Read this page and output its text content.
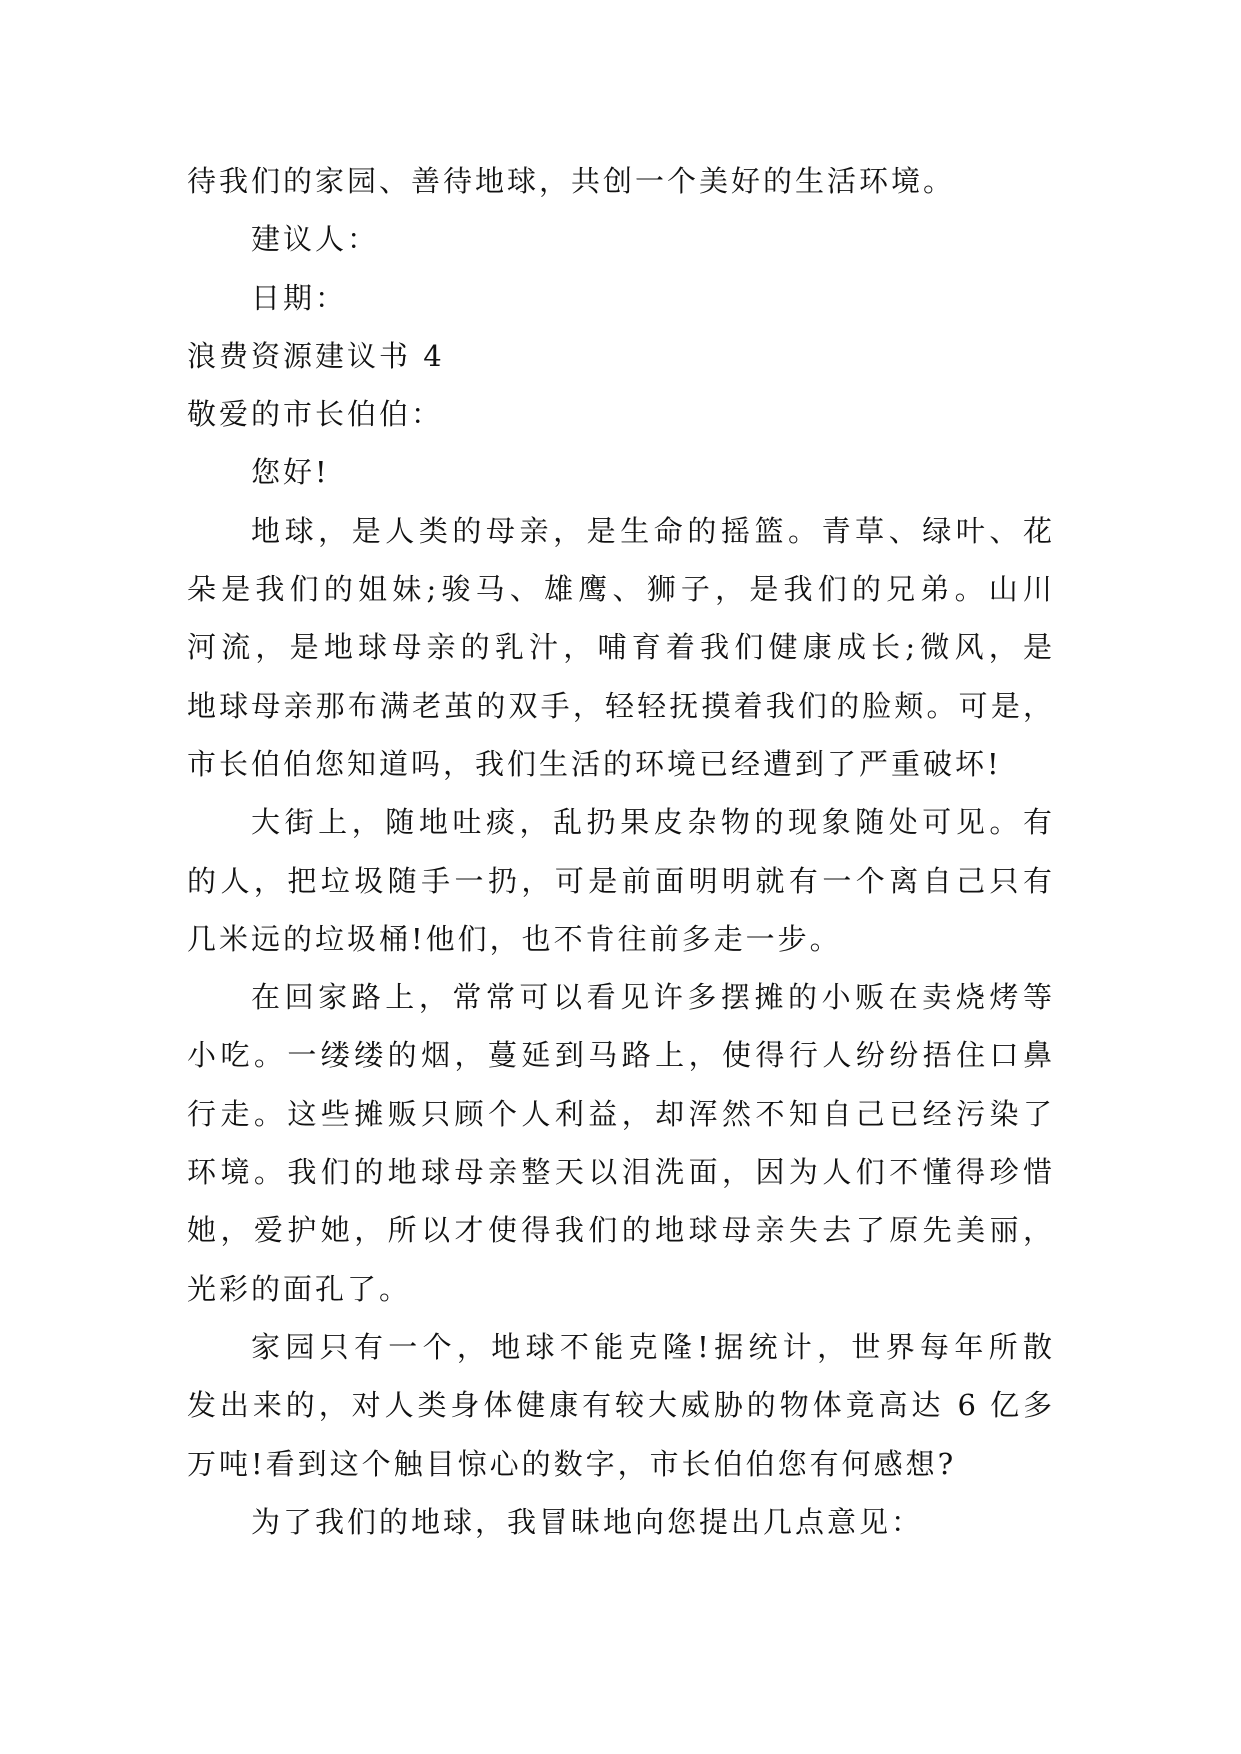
待我们的家园、善待地球，共创一个美好的生活环境。
建议人：
日期：
浪费资源建议书 4
敬爱的市长伯伯：
您好!
地球，是人类的母亲，是生命的摇篮。青草、绿叶、花
朵是我们的姐妹;骏马、雄鹰、狮子，是我们的兄弟。山川
河流，是地球母亲的乳汁，哺育着我们健康成长;微风，是
地球母亲那布满老茧的双手，轻轻抚摸着我们的脸颊。可是，
市长伯伯您知道吗，我们生活的环境已经遭到了严重破坏!
大街上，随地吐痰，乱扔果皮杂物的现象随处可见。有
的人，把垃圾随手一扔，可是前面明明就有一个离自己只有
几米远的垃圾桶!他们，也不肯往前多走一步。
在回家路上，常常可以看见许多摆摊的小贩在卖烧烤等
小吃。一缕缕的烟，蔓延到马路上，使得行人纷纷捂住口鼻
行走。这些摊贩只顾个人利益，却浑然不知自己已经污染了
环境。我们的地球母亲整天以泪洗面，因为人们不懂得珍惜
她，爱护她，所以才使得我们的地球母亲失去了原先美丽，
光彩的面孔了。
家园只有一个，地球不能克隆!据统计，世界每年所散
发出来的，对人类身体健康有较大威胁的物体竟高达 6 亿多
万吨!看到这个触目惊心的数字，市长伯伯您有何感想?
为了我们的地球，我冒昧地向您提出几点意见：
